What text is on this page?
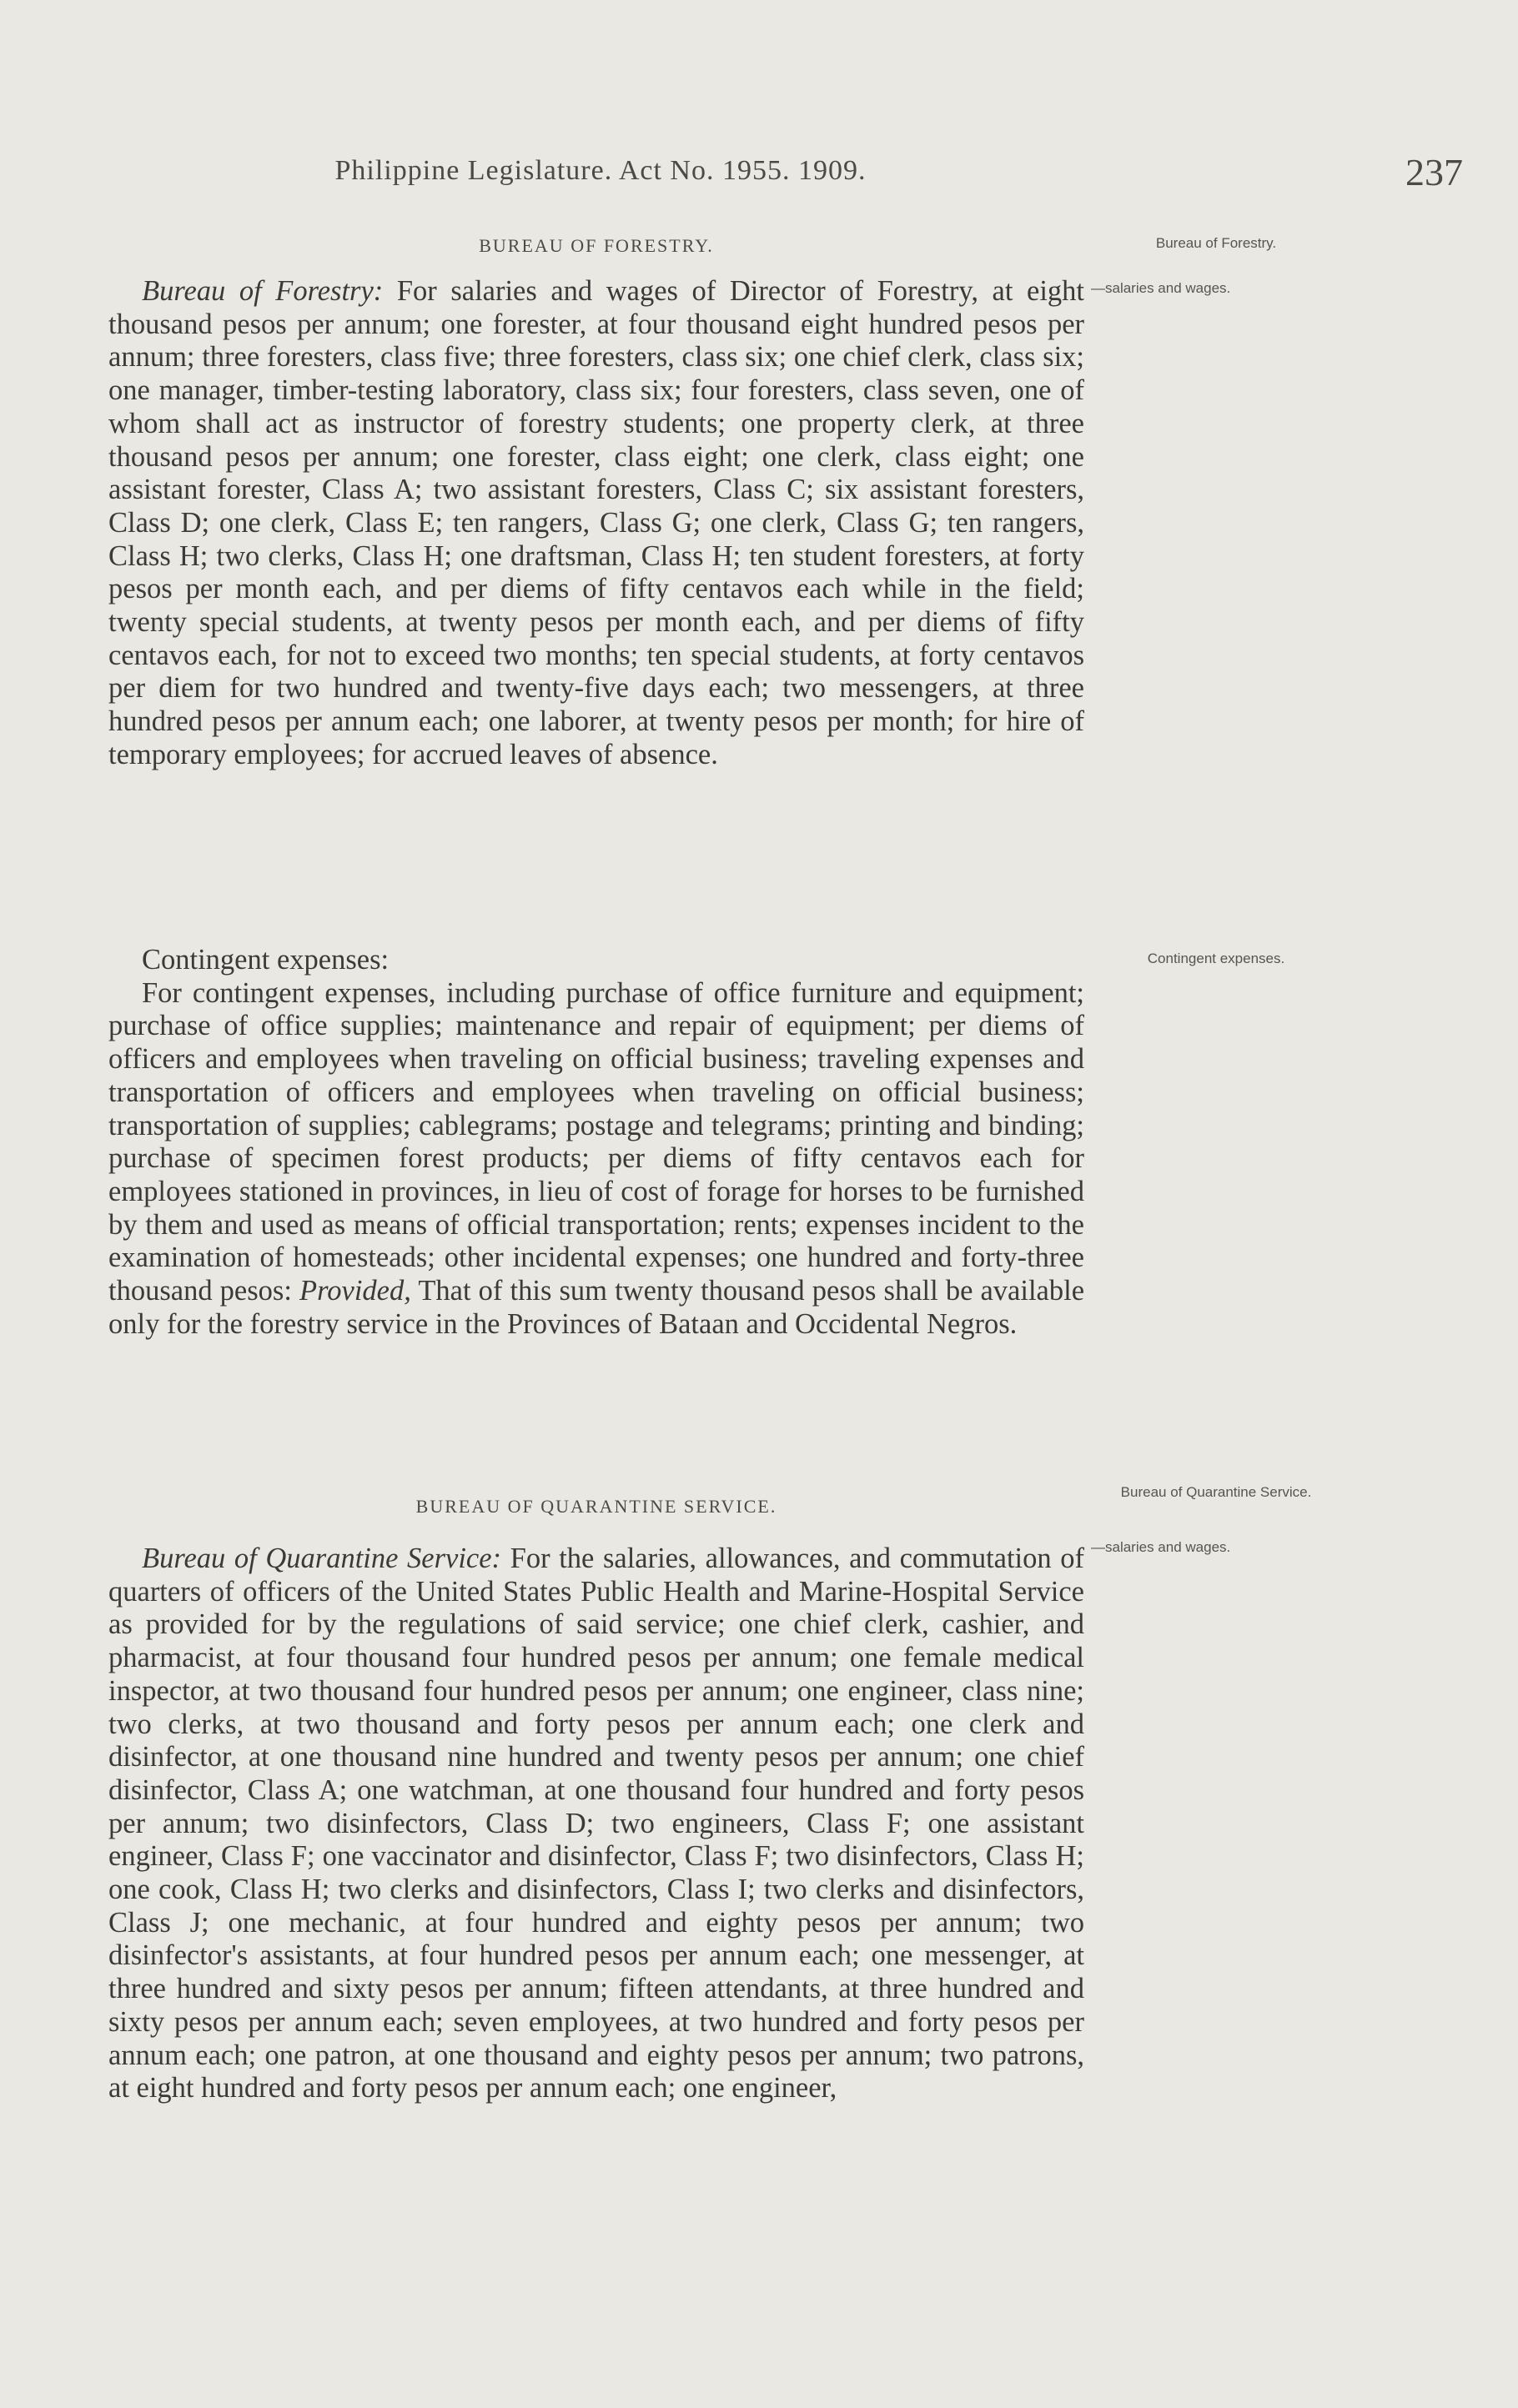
Philippine Legislature. Act No. 1955. 1909.	237
BUREAU OF FORESTRY.	Bureau of Forestry.
—salaries and wages.

Bureau of Forestry: For salaries and wages of Director of Forestry, at eight thousand pesos per annum; one forester, at four thousand eight hundred pesos per annum; three foresters, class five; three foresters, class six; one chief clerk, class six; one manager, timber-testing laboratory, class six; four foresters, class seven, one of whom shall act as instructor of forestry students; one property clerk, at three thousand pesos per annum; one forester, class eight; one clerk, class eight; one assistant forester, Class A; two assistant foresters, Class C; six assistant foresters, Class D; one clerk, Class E; ten rangers, Class G; one clerk, Class G; ten rangers, Class H; two clerks, Class H; one draftsman, Class H; ten student foresters, at forty pesos per month each, and per diems of fifty centavos each while in the field; twenty special students, at twenty pesos per month each, and per diems of fifty centavos each, for not to exceed two months; ten special students, at forty centavos per diem for two hundred and twenty-five days each; two messengers, at three hundred pesos per annum each; one laborer, at twenty pesos per month; for hire of temporary employees; for accrued leaves of absence.

Contingent expenses:

For contingent expenses, including purchase of office furniture and equipment; purchase of office supplies; maintenance and repair of equipment; per diems of officers and employees when traveling on official business; traveling expenses and transportation of officers and employees when traveling on official business; transportation of supplies; cablegrams; postage and telegrams; printing and binding; purchase of specimen forest products; per diems of fifty centavos each for employees stationed in provinces, in lieu of cost of forage for horses to be furnished by them and used as means of official transportation; rents; expenses incident to the examination of homesteads; other incidental expenses; one hundred and forty-three thousand pesos: Provided, That of this sum twenty thousand pesos shall be available only for the forestry service in the Provinces of Bataan and Occidental Negros.

Contingent expenses.
BUREAU OF QUARANTINE SERVICE.
Bureau of Quarantine Service.
—salaries and wages.

Bureau of Quarantine Service: For the salaries, allowances, and commutation of quarters of officers of the United States Public Health and Marine-Hospital Service as provided for by the regulations of said service; one chief clerk, cashier, and pharmacist, at four thousand four hundred pesos per annum; one female medical inspector, at two thousand four hundred pesos per annum; one engineer, class nine; two clerks, at two thousand and forty pesos per annum each; one clerk and disinfector, at one thousand nine hundred and twenty pesos per annum; one chief disinfector, Class A; one watchman, at one thousand four hundred and forty pesos per annum; two disinfectors, Class D; two engineers, Class F; one assistant engineer, Class F; one vaccinator and disinfector, Class F; two disinfectors, Class H; one cook, Class H; two clerks and disinfectors, Class I; two clerks and disinfectors, Class J; one mechanic, at four hundred and eighty pesos per annum; two disinfector's assistants, at four hundred pesos per annum each; one messenger, at three hundred and sixty pesos per annum; fifteen attendants, at three hundred and sixty pesos per annum each; seven employees, at two hundred and forty pesos per annum each; one patron, at one thousand and eighty pesos per annum; two patrons, at eight hundred and forty pesos per annum each; one engineer,
